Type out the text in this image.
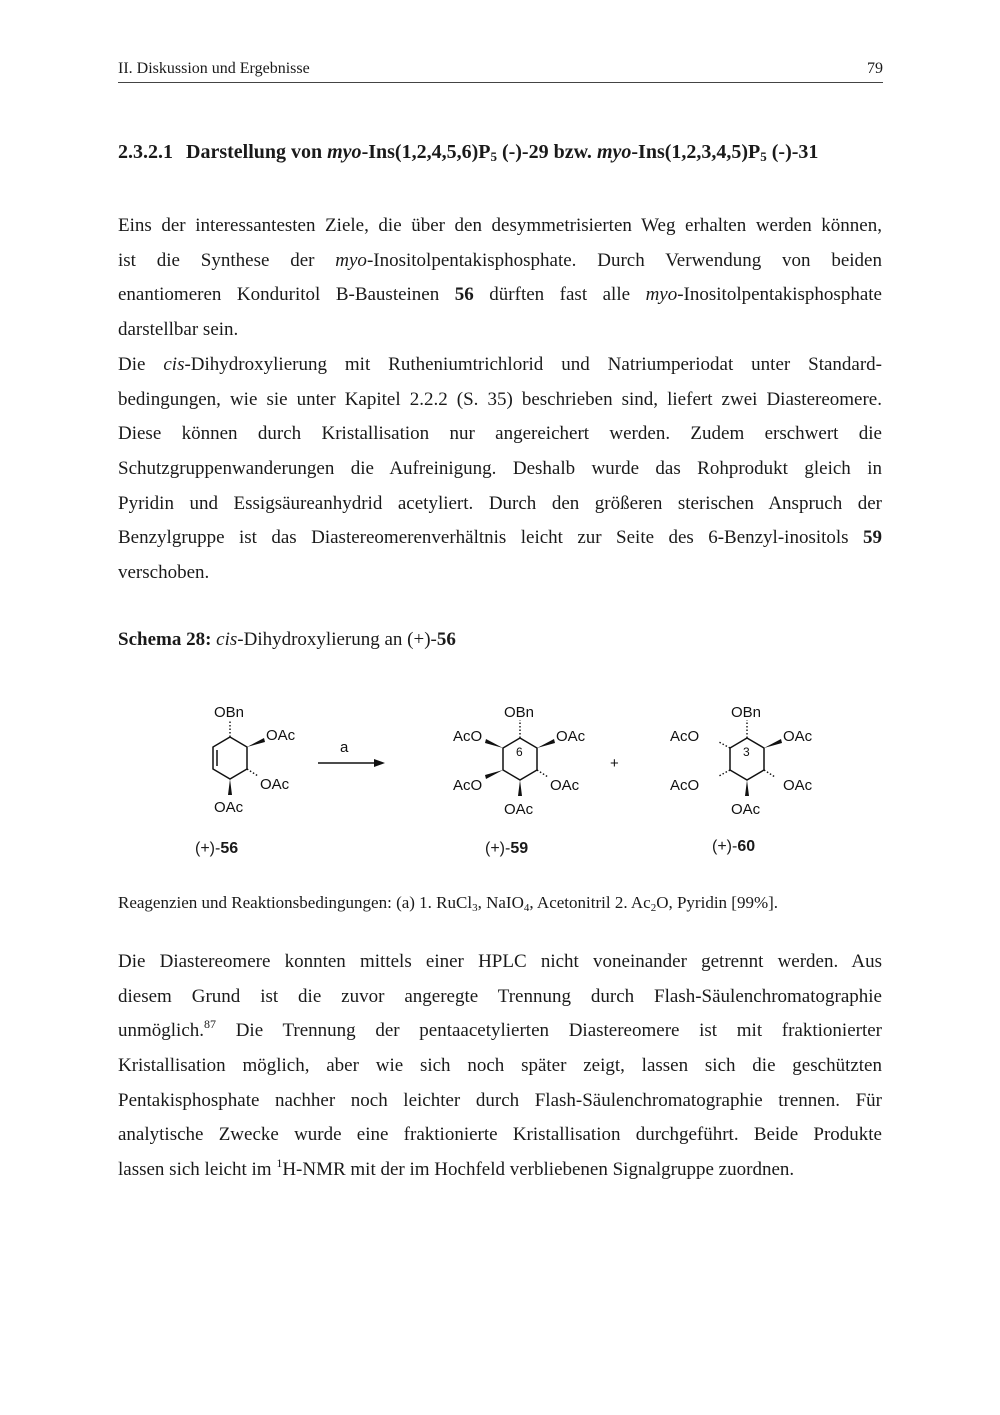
II. Diskussion und Ergebnisse	79
2.3.2.1 Darstellung von myo-$Ins(1,2,4,5,6)P_5$ (-)-29 bzw. myo-$Ins(1,2,3,4,5)P_5$ (-)-31
Eins der interessantesten Ziele, die über den desymmetrisierten Weg erhalten werden können,
ist die Synthese der myo-Inositolpentakisphosphate. Durch Verwendung von beiden
enantiomeren Konduritol B-Bausteinen 56 dürften fast alle myo-Inositolpentakisphosphate
darstellbar sein.
Die cis-Dihydroxylierung mit Rutheniumtrichlorid und Natriumperiodat unter Standard-
bedingungen, wie sie unter Kapitel 2.2.2 (S. 35) beschrieben sind, liefert zwei Diastereomere.
Diese können durch Kristallisation nur angereichert werden. Zudem erschwert die
Schutzgruppenwanderungen die Aufreinigung. Deshalb wurde das Rohprodukt gleich in
Pyridin und Essigsäureanhydrid acetyliert. Durch den größeren sterischen Anspruch der
Benzylgruppe ist das Diastereomerenverhältnis leicht zur Seite des 6-Benzyl-inositols 59
verschoben.
Schema 28: cis-Dihydroxylierung an (+)-56
OBn
OAc
OAc
OAc
a	6
OBn
OAc
OAc
OAc
AcO
AcO
+
3
OBn
OAc
OAc
OAc
AcO
AcO
(+)-56	(+)-59	(+)-60
Reagenzien und Reaktionsbedingungen: (a) 1. RuCl$_3$, NaIO$_4$, Acetonitril 2. $Ac_2O$, Pyridin [99%].
Die Diastereomere konnten mittels einer HPLC nicht voneinander getrennt werden. Aus
diesem Grund ist die zuvor angeregte Trennung durch Flash-Säulenchromatographie
unmöglich.$^{87}$ Die Trennung der pentaacetylierten Diastereomere ist mit fraktionierter
Kristallisation möglich, aber wie sich noch später zeigt, lassen sich die geschützten
Pentakisphosphate nachher noch leichter durch Flash-Säulenchromatographie trennen. Für
analytische Zwecke wurde eine fraktionierte Kristallisation durchgeführt. Beide Produkte
lassen sich leicht im $^1$H-NMR mit der im Hochfeld verbliebenen Signalgruppe zuordnen.
